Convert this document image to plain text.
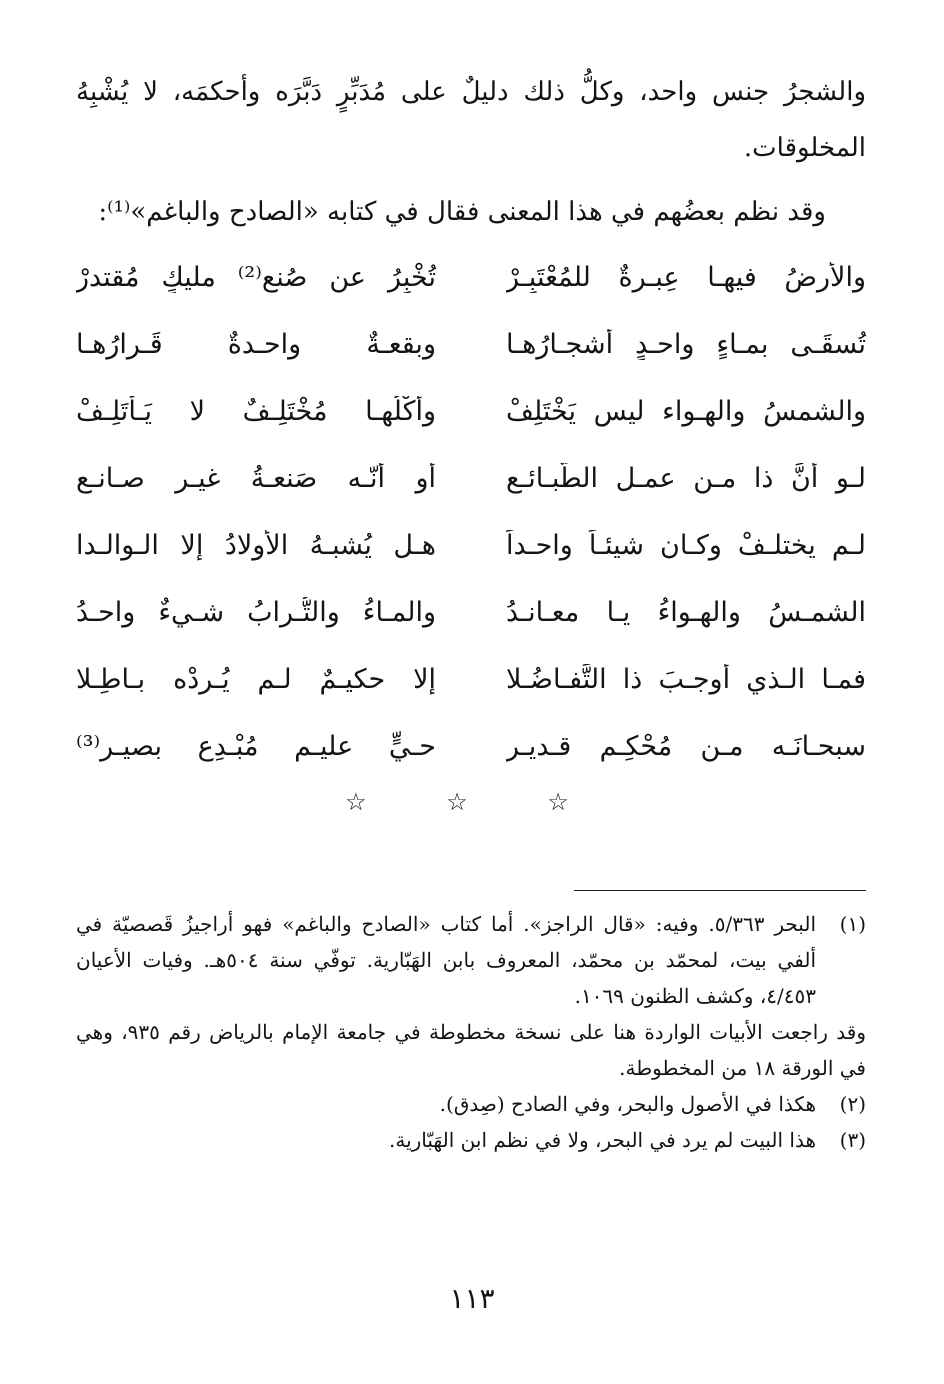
والشجرُ جنس واحد، وكلُّ ذلك دليلٌ على مُدَبِّرٍ دَبَّرَه وأحكمَه، لا يُشْبِهُ المخلوقات.

وقد نظم بعضُهم في هذا المعنى فقال في كتابه «الصادح والباغم»⁽¹⁾:

والأرضُ فيهـا عِبـرةٌ للمُعْتَبِـرْ
تُخْبِرُ عن صُنعِ⁽²⁾ مليكٍ مُقتدرْ
تُسقَـى بمـاءٍ واحـدٍ أشجـارُهـا
وبقعـةٌ واحـدةٌ قَـرارُهـا
والشمسُ والهـواء ليس يَخْتَلِفْ
وأُكْلُهـا مُخْتَلِـفٌ لا يَـأْتَلِـفْ
لـو أنَّ ذا مـن عمـل الطَّبـائـعِ
أو أنّـه صَنعـةُ غيـرِ صـانـعِ
لـم يختلـفْ وكـان شيئـاً واحـداً
هـل يُشبـهُ الأولادُ إلا الـوالـدا
الشمـسُ والهـواءُ يـا معـانـدُ
والمـاءُ والتُّـرابُ شـيءٌ واحـدُ
فمـا الـذي أوجـبَ ذا التَّفـاضُـلا
إلا حكيـمٌ لـم يُـرِدْه بـاطِـلا
سبحـانَـه مـن مُحْكِـمٍ قـديـرِ
حـيٍّ عليـمٍ مُبْـدِعٍ بصيـرِ⁽³⁾
☆ ☆ ☆
(١)

البحر ٥/٣٦٣. وفيه: «قال الراجز». أما كتاب «الصادح والباغم» فهو أراجيزُ قَصصيّة في ألفي بيت، لمحمّد بن محمّد، المعروف بابن الهَبّارية. توفّي سنة ٥٠٤هـ. وفيات الأعيان ٤/٤٥٣، وكشف الظنون ١٠٦٩.

وقد راجعت الأبيات الواردة هنا على نسخة مخطوطة في جامعة الإمام بالرياض رقم ٩٣٥، وهي في الورقة ١٨ من المخطوطة.

(٢)

هكذا في الأصول والبحر، وفي الصادح (صِدق).

(٣)

هذا البيت لم يرد في البحر، ولا في نظم ابن الهَبّارية.

١١٣
